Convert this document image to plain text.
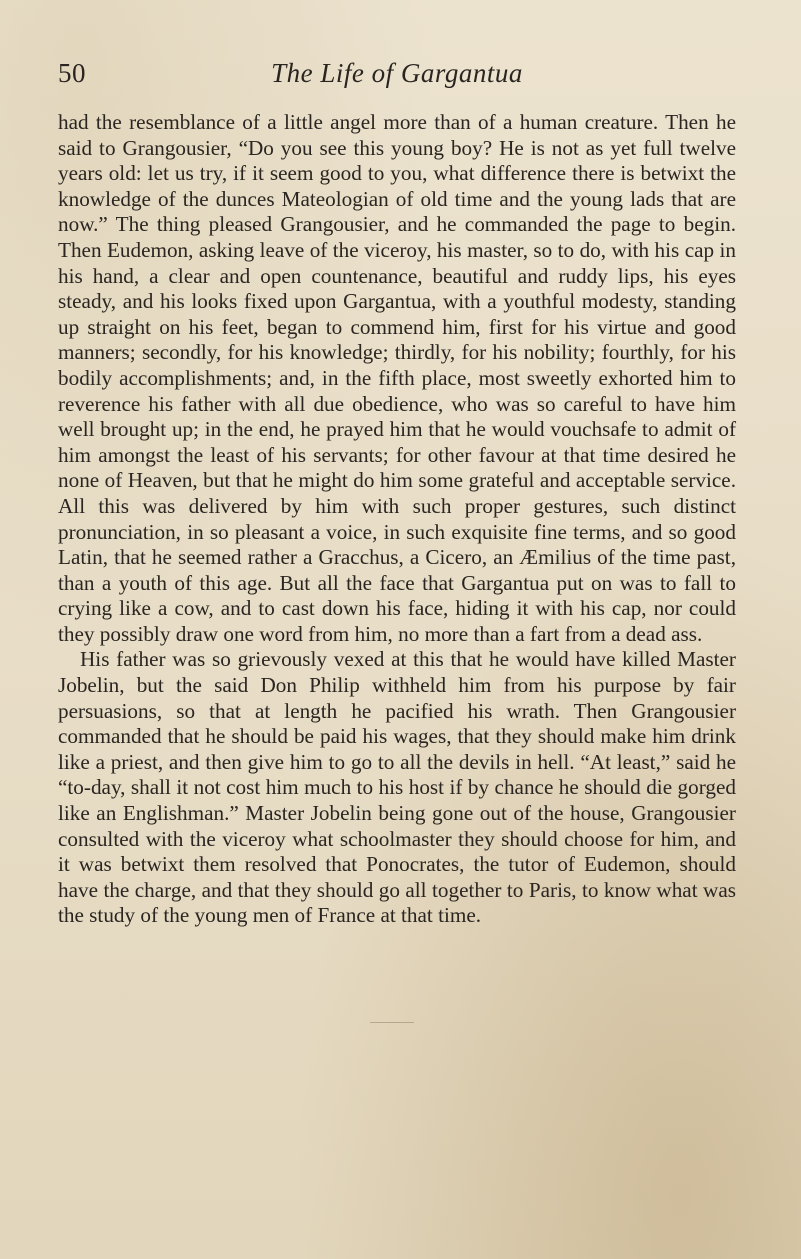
50	The Life of Gargantua

had the resemblance of a little angel more than of a human creature. Then he said to Grangousier, “Do you see this young boy? He is not as yet full twelve years old: let us try, if it seem good to you, what difference there is betwixt the knowledge of the dunces Mateologian of old time and the young lads that are now.” The thing pleased Grangousier, and he commanded the page to begin. Then Eudemon, asking leave of the viceroy, his master, so to do, with his cap in his hand, a clear and open countenance, beautiful and ruddy lips, his eyes steady, and his looks fixed upon Gargantua, with a youthful modesty, standing up straight on his feet, began to commend him, first for his virtue and good manners; secondly, for his knowledge; thirdly, for his nobility; fourthly, for his bodily accomplishments; and, in the fifth place, most sweetly exhorted him to reverence his father with all due obedience, who was so careful to have him well brought up; in the end, he prayed him that he would vouchsafe to admit of him amongst the least of his servants; for other favour at that time desired he none of Heaven, but that he might do him some grateful and acceptable service. All this was delivered by him with such proper gestures, such distinct pronunciation, in so pleasant a voice, in such exquisite fine terms, and so good Latin, that he seemed rather a Gracchus, a Cicero, an Æmilius of the time past, than a youth of this age. But all the face that Gargantua put on was to fall to crying like a cow, and to cast down his face, hiding it with his cap, nor could they possibly draw one word from him, no more than a fart from a dead ass.

His father was so grievously vexed at this that he would have killed Master Jobelin, but the said Don Philip withheld him from his purpose by fair persuasions, so that at length he pacified his wrath. Then Grangousier commanded that he should be paid his wages, that they should make him drink like a priest, and then give him to go to all the devils in hell. “At least,” said he “to-day, shall it not cost him much to his host if by chance he should die gorged like an Englishman.” Master Jobelin being gone out of the house, Grangousier consulted with the viceroy what schoolmaster they should choose for him, and it was betwixt them resolved that Ponocrates, the tutor of Eudemon, should have the charge, and that they should go all together to Paris, to know what was the study of the young men of France at that time.
